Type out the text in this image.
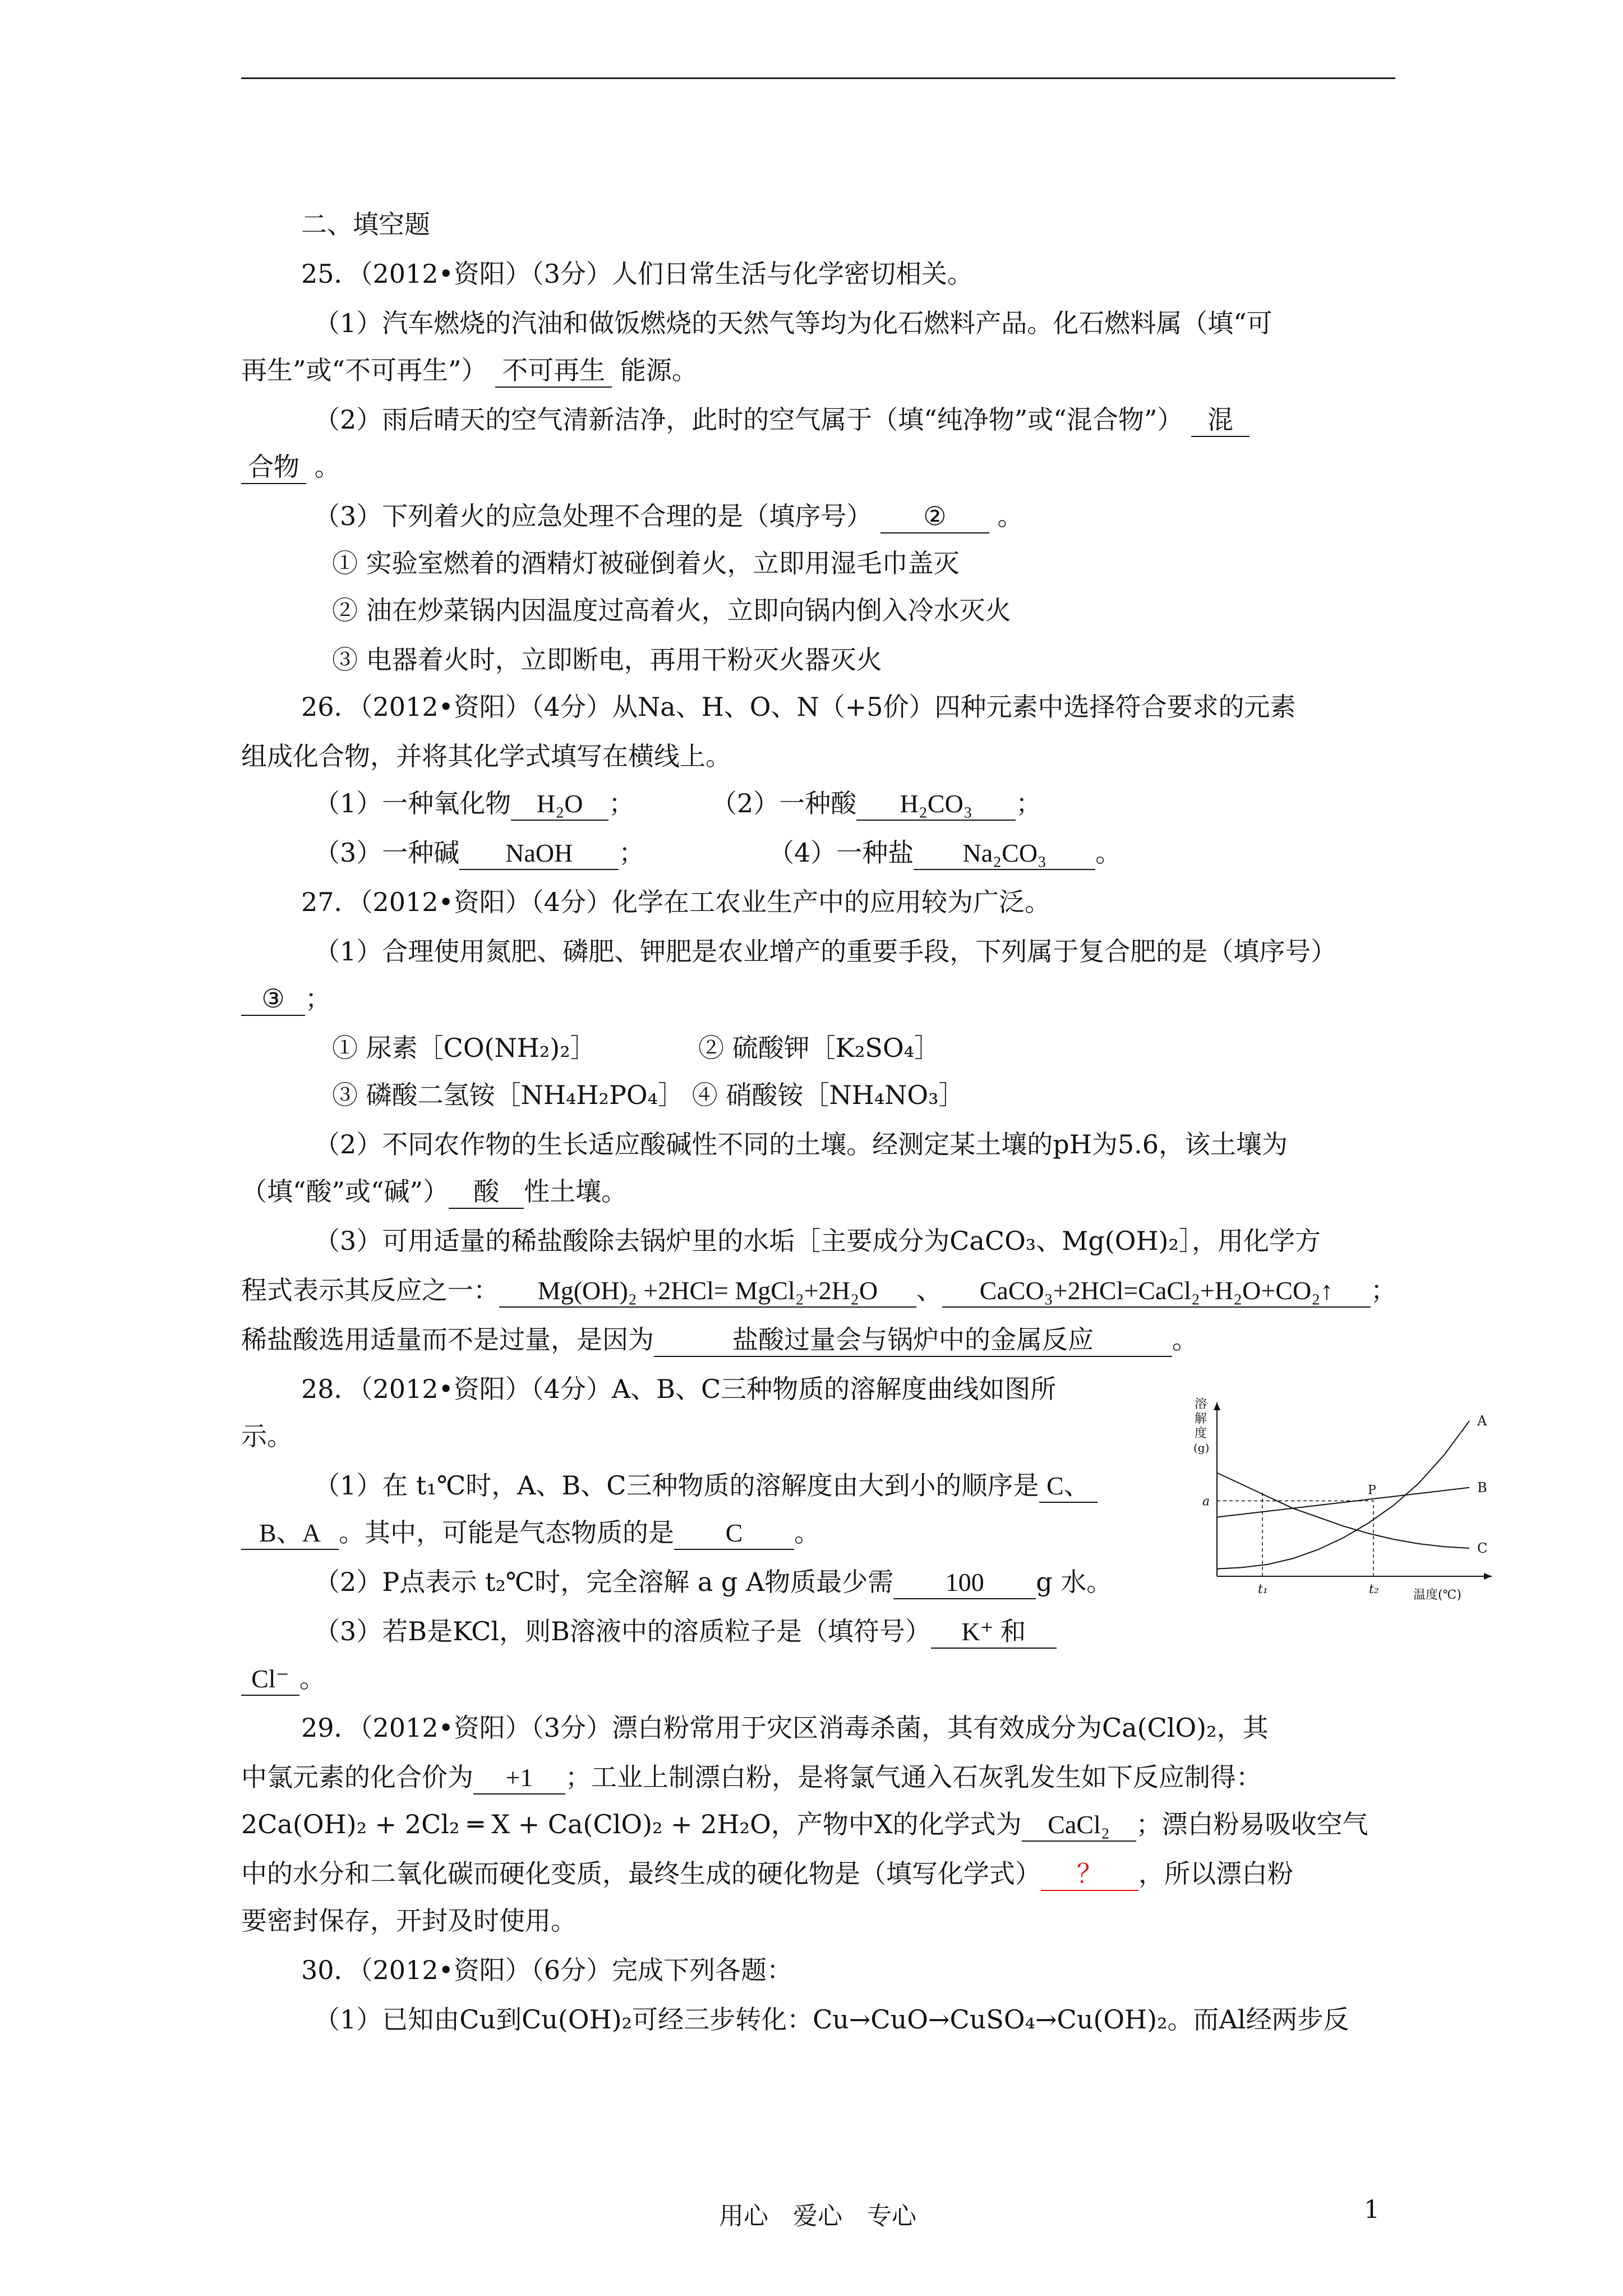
二、填空题
25．（2012•资阳）（3分）人们日常生活与化学密切相关。
（1）汽车燃烧的汽油和做饭燃烧的天然气等均为化石燃料产品。化石燃料属（填“可
再生”或“不可再生”） 不可再生 能源。
（2）雨后晴天的空气清新洁净，此时的空气属于（填“纯净物”或“混合物”） 混
合物 。
（3）下列着火的应急处理不合理的是（填序号） ② 。
① 实验室燃着的酒精灯被碰倒着火，立即用湿毛巾盖灭
② 油在炒菜锅内因温度过高着火，立即向锅内倒入冷水灭火
③ 电器着火时，立即断电，再用干粉灭火器灭火
26．（2012•资阳）（4分）从Na、H、O、N（+5价）四种元素中选择符合要求的元素
组成化合物，并将其化学式填写在横线上。
（1）一种氧化物 H₂O ；	（2）一种酸 H₂CO₃ ；
（3）一种碱 NaOH ；	（4）一种盐 Na₂CO₃ 。
27．（2012•资阳）（4分）化学在工农业生产中的应用较为广泛。
（1）合理使用氮肥、磷肥、钾肥是农业增产的重要手段，下列属于复合肥的是（填序号）
③ ；
① 尿素［CO(NH₂)₂］	② 硫酸钾［K₂SO₄］
③ 磷酸二氢铵［NH₄H₂PO₄］ ④ 硝酸铵［NH₄NO₃］
（2）不同农作物的生长适应酸碱性不同的土壤。经测定某土壤的pH为5.6，该土壤为
（填“酸”或“碱”） 酸 性土壤。
（3）可用适量的稀盐酸除去锅炉里的水垢［主要成分为CaCO₃、Mg(OH)₂］，用化学方
程式表示其反应之一： Mg(OH)₂ +2HCl= MgCl₂+2H₂O 、 CaCO₃+2HCl=CaCl₂+H₂O+CO₂↑ ；
稀盐酸选用适量而不是过量，是因为	盐酸过量会与锅炉中的金属反应	。
28．（2012•资阳）（4分）A、B、C三种物质的溶解度曲线如图所
示。
（1）在 t₁℃时，A、B、C三种物质的溶解度由大到小的顺序是 C、
B、A 。其中，可能是气态物质的是 C 。
（2）P点表示 t₂℃时，完全溶解 a g A物质最少需 100 g 水。
（3）若B是KCl，则B溶液中的溶质粒子是（填符号） K⁺ 和
Cl⁻ 。
溶
解
度
(g)
温度(℃)
A
B
C
P
a
t₁	t₂
29．（2012•资阳）（3分）漂白粉常用于灾区消毒杀菌，其有效成分为Ca(ClO)₂，其
中氯元素的化合价为 +1 ；工业上制漂白粉，是将氯气通入石灰乳发生如下反应制得：
2Ca(OH)₂ + 2Cl₂ ═ X + Ca(ClO)₂ + 2H₂O，产物中X的化学式为 CaCl₂ ；漂白粉易吸收空气
中的水分和二氧化碳而硬化变质，最终生成的硬化物是（填写化学式） ？ ，所以漂白粉
要密封保存，开封及时使用。
30．（2012•资阳）（6分）完成下列各题：
（1）已知由Cu到Cu(OH)₂可经三步转化：Cu→CuO→CuSO₄→Cu(OH)₂。而Al经两步反
用心　爱心　专心	1
